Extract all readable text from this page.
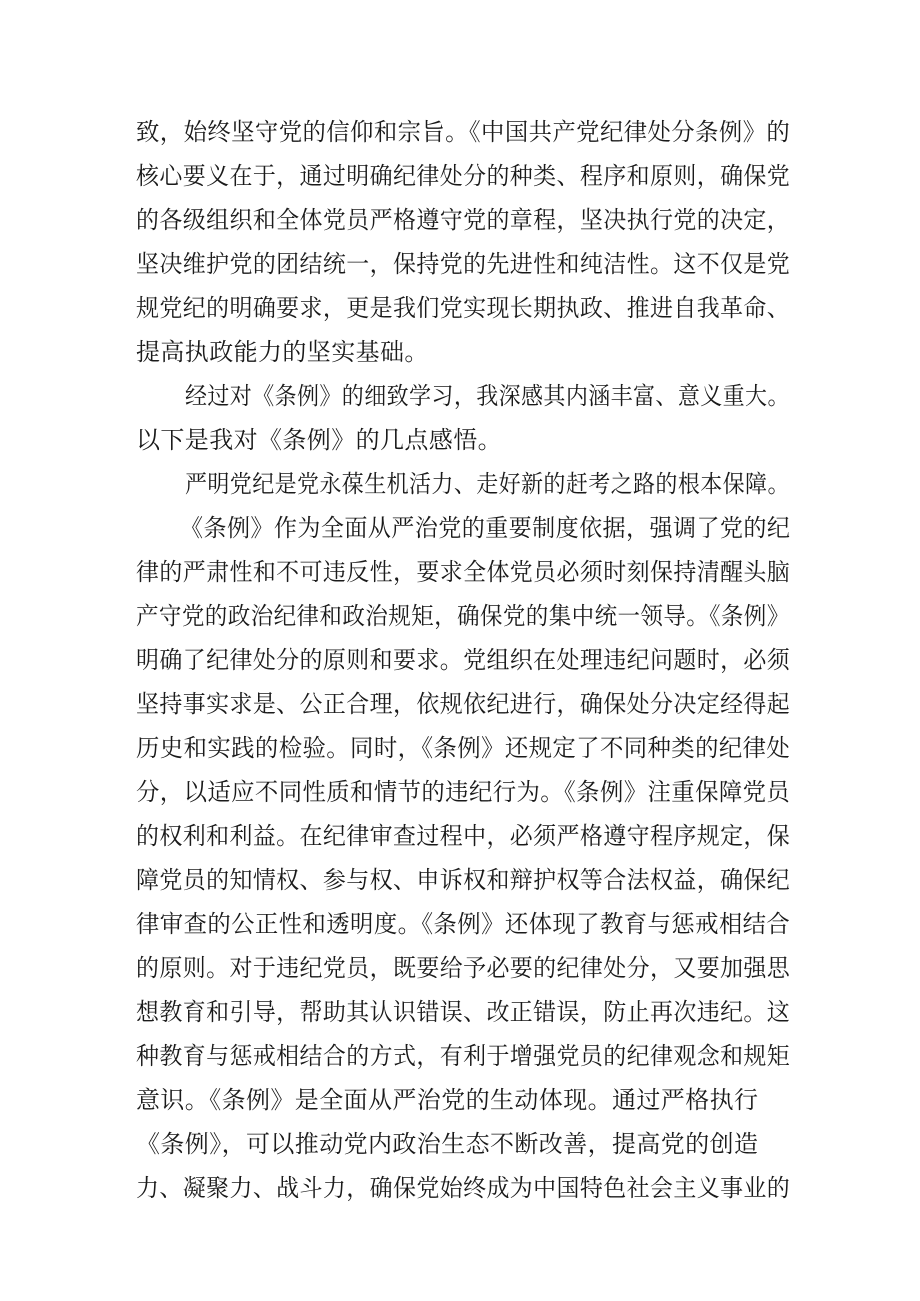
致，始终坚守党的信仰和宗旨。《中国共产党纪律处分条例》的
核心要义在于，通过明确纪律处分的种类、程序和原则，确保党
的各级组织和全体党员严格遵守党的章程，坚决执行党的决定，
坚决维护党的团结统一，保持党的先进性和纯洁性。这不仅是党
规党纪的明确要求，更是我们党实现长期执政、推进自我革命、
提高执政能力的坚实基础。
经过对《条例》的细致学习，我深感其内涵丰富、意义重大。
以下是我对《条例》的几点感悟。
严明党纪是党永葆生机活力、走好新的赶考之路的根本保障。
《条例》作为全面从严治党的重要制度依据，强调了党的纪
律的严肃性和不可违反性，要求全体党员必须时刻保持清醒头脑
产守党的政治纪律和政治规矩，确保党的集中统一领导。《条例》
明确了纪律处分的原则和要求。党组织在处理违纪问题时，必须
坚持事实求是、公正合理，依规依纪进行，确保处分决定经得起
历史和实践的检验。同时，《条例》还规定了不同种类的纪律处
分，以适应不同性质和情节的违纪行为。《条例》注重保障党员
的权利和利益。在纪律审查过程中，必须严格遵守程序规定，保
障党员的知情权、参与权、申诉权和辩护权等合法权益，确保纪
律审查的公正性和透明度。《条例》还体现了教育与惩戒相结合
的原则。对于违纪党员，既要给予必要的纪律处分，又要加强思
想教育和引导，帮助其认识错误、改正错误，防止再次违纪。这
种教育与惩戒相结合的方式，有利于增强党员的纪律观念和规矩
意识。《条例》是全面从严治党的生动体现。通过严格执行
《条例》，可以推动党内政治生态不断改善，提高党的创造
力、凝聚力、战斗力，确保党始终成为中国特色社会主义事业的
